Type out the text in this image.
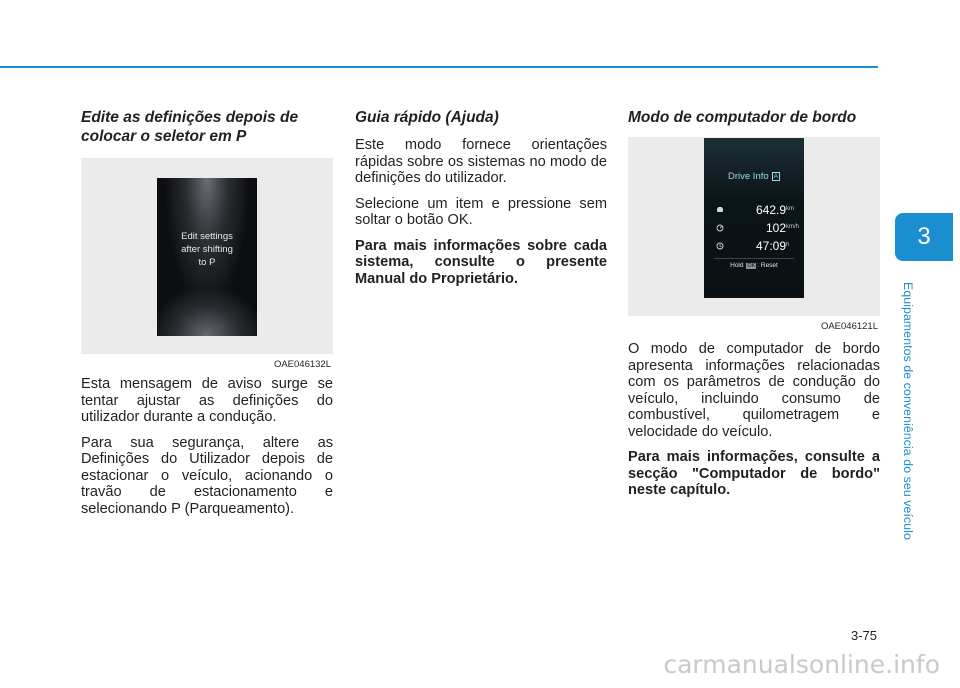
Edite as definições depois de colocar o seletor em P
Edit settings
after shifting
to P
OAE046132L

Esta mensagem de aviso surge se tentar ajustar as definições do utilizador durante a condução.

Para sua segurança, altere as Definições do Utilizador depois de estacionar o veículo, acionando o travão de estacionamento e selecionando P (Parqueamento).

Guia rápido (Ajuda)

Este modo fornece orientações rápidas sobre os sistemas no modo de definições do utilizador.

Selecione um item e pressione sem soltar o botão OK.

Para mais informações sobre cada sistema, consulte o presente Manual do Proprietário.

Modo de computador de bordo
Drive Info A
642.9 km
102 km/h
47:09 h
Hold OK : Reset
OAE046121L

O modo de computador de bordo apresenta informações relacionadas com os parâmetros de condução do veículo, incluindo consumo de combustível, quilometragem e velocidade do veículo.

Para mais informações, consulte a secção "Computador de bordo" neste capítulo.

3
Equipamentos de conveniência do seu veículo
3-75
carmanualsonline.info
